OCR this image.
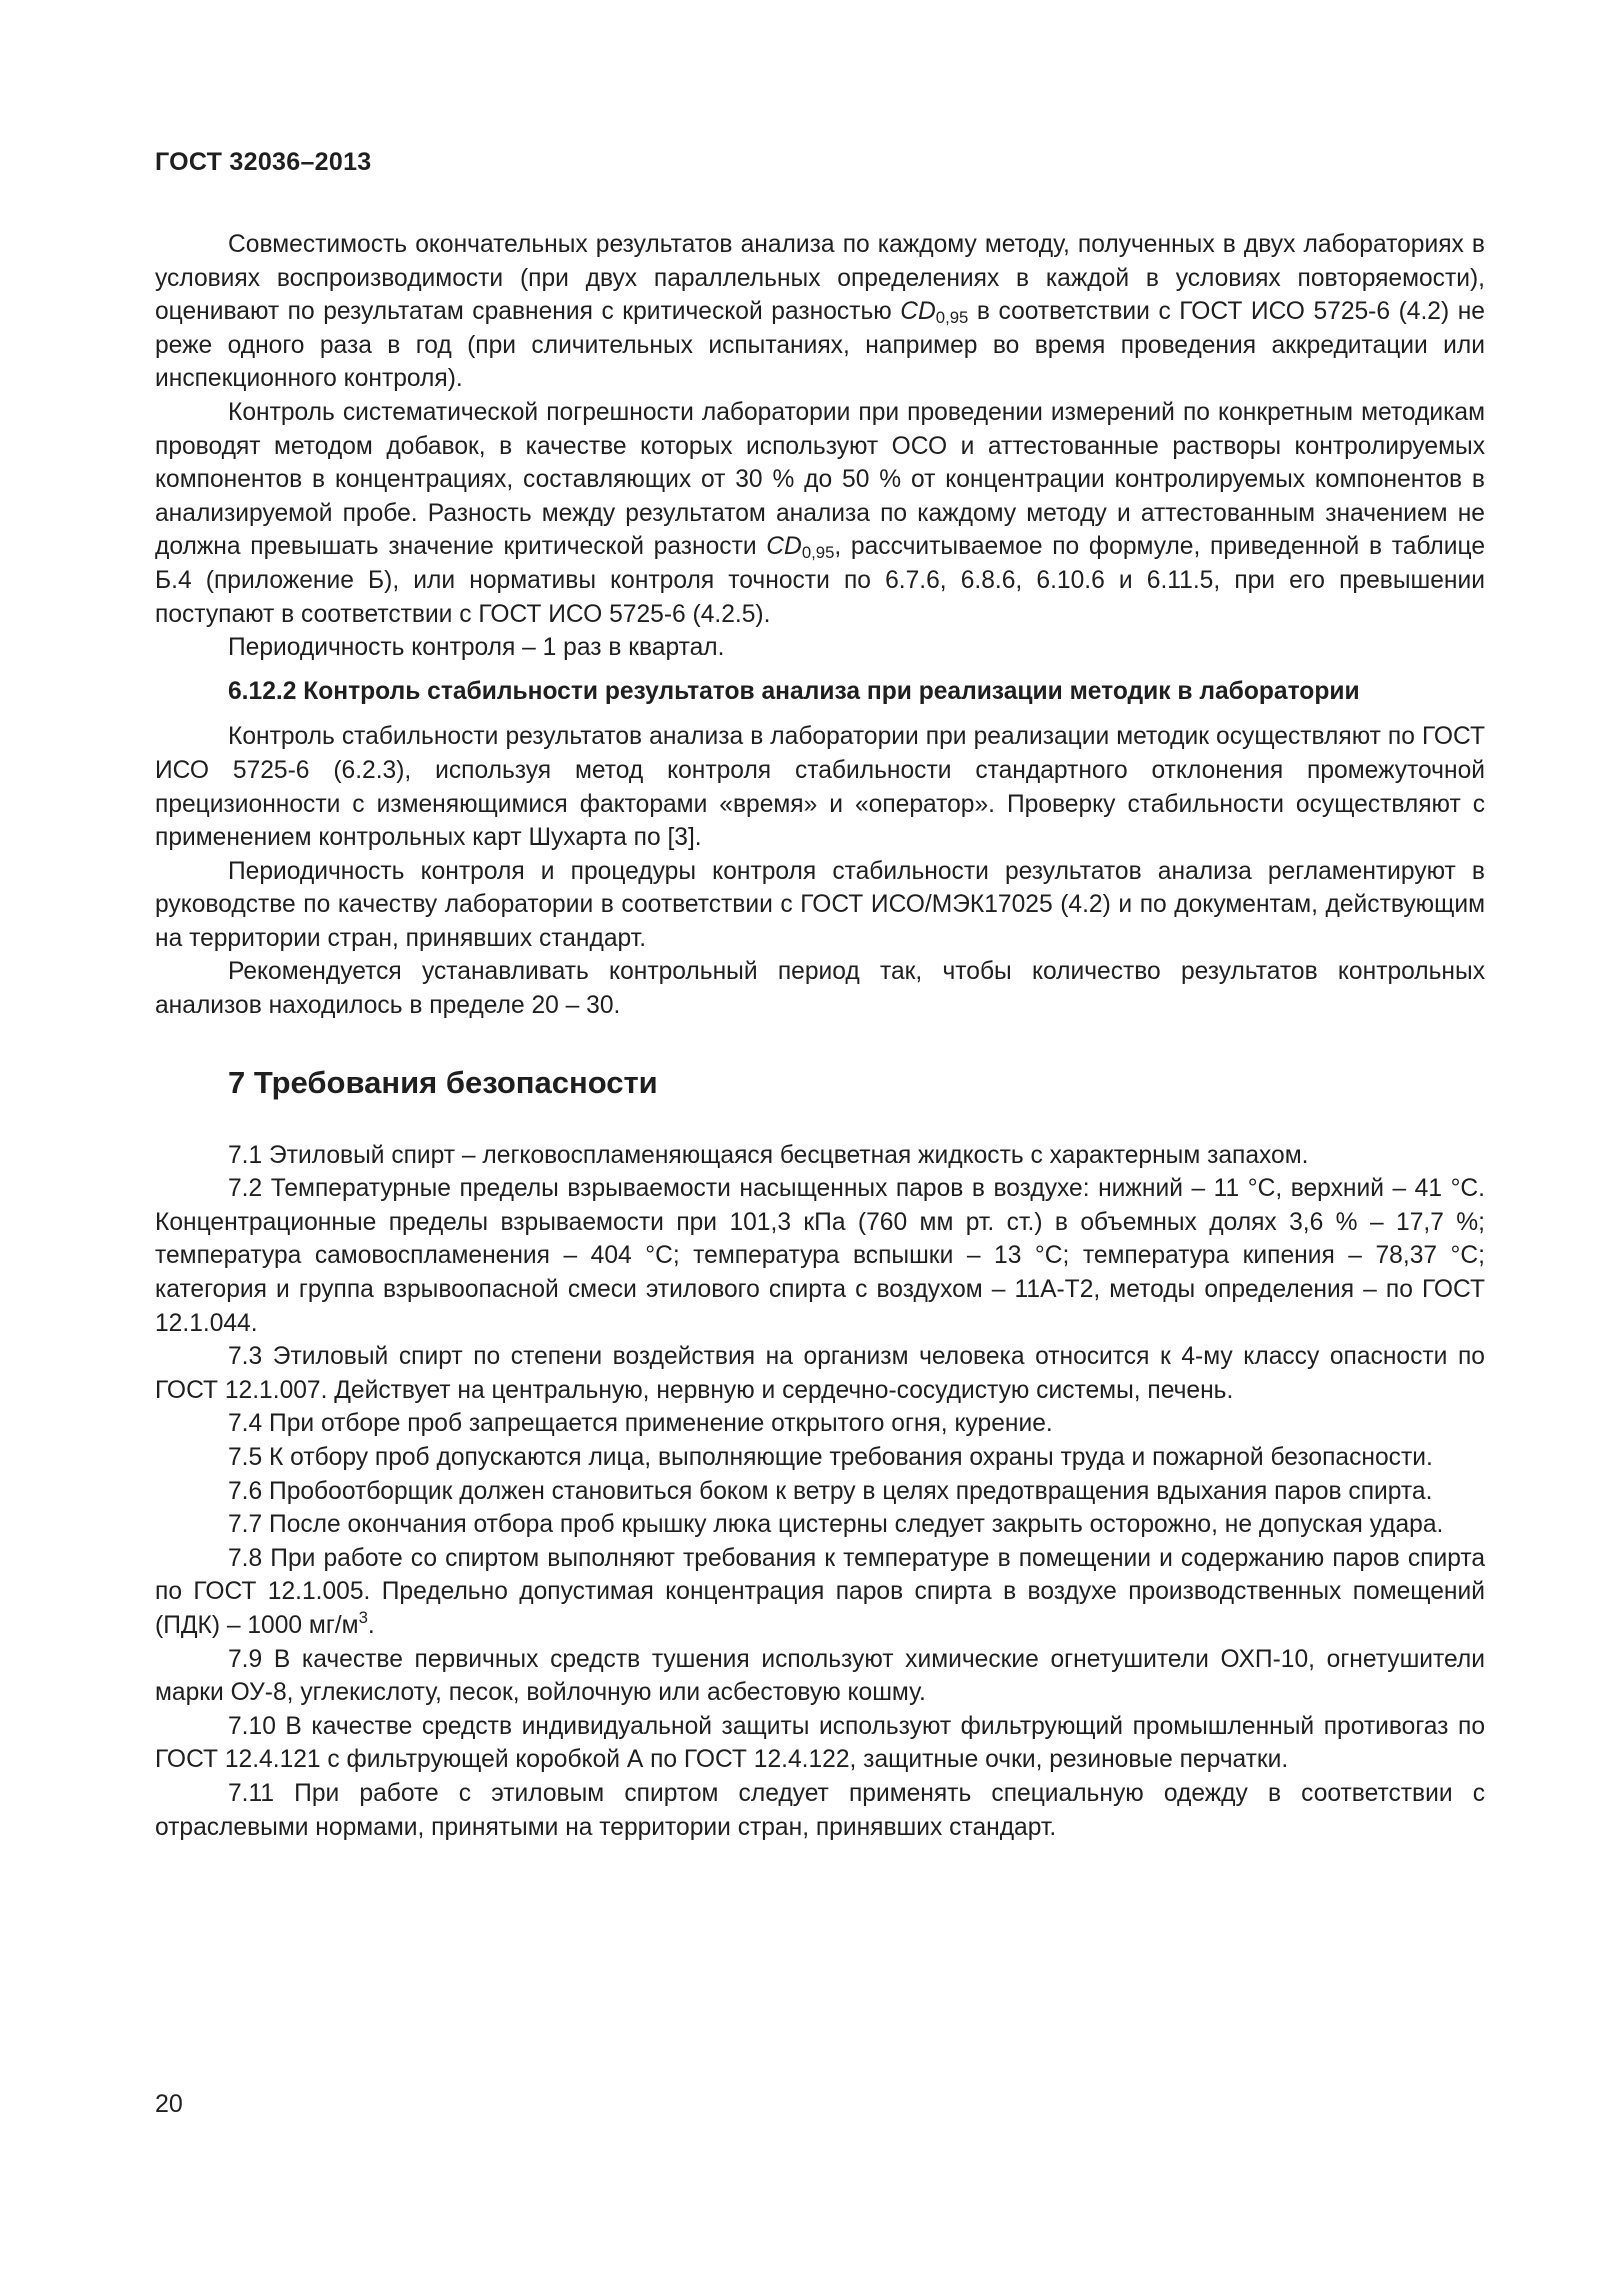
ГОСТ 32036–2013

Совместимость окончательных результатов анализа по каждому методу, полученных в двух лабораториях в условиях воспроизводимости (при двух параллельных определениях в каждой в условиях повторяемости), оценивают по результатам сравнения с критической разностью $CD_{0,95}$ в соответствии с ГОСТ ИСО 5725-6 (4.2) не реже одного раза в год (при сличительных испытаниях, например во время проведения аккредитации или инспекционного контроля).

Контроль систематической погрешности лаборатории при проведении измерений по конкретным методикам проводят методом добавок, в качестве которых используют ОСО и аттестованные растворы контролируемых компонентов в концентрациях, составляющих от 30 % до 50 % от концентрации контролируемых компонентов в анализируемой пробе. Разность между результатом анализа по каждому методу и аттестованным значением не должна превышать значение критической разности $CD_{0,95}$, рассчитываемое по формуле, приведенной в таблице Б.4 (приложение Б), или нормативы контроля точности по 6.7.6, 6.8.6, 6.10.6 и 6.11.5, при его превышении поступают в соответствии с ГОСТ ИСО 5725-6 (4.2.5).

Периодичность контроля – 1 раз в квартал.

6.12.2 Контроль стабильности результатов анализа при реализации методик в лаборатории

Контроль стабильности результатов анализа в лаборатории при реализации методик осуществляют по ГОСТ ИСО 5725-6 (6.2.3), используя метод контроля стабильности стандартного отклонения промежуточной прецизионности с изменяющимися факторами «время» и «оператор». Проверку стабильности осуществляют с применением контрольных карт Шухарта по [3].

Периодичность контроля и процедуры контроля стабильности результатов анализа регламентируют в руководстве по качеству лаборатории в соответствии с ГОСТ ИСО/МЭК17025 (4.2) и по документам, действующим на территории стран, принявших стандарт.

Рекомендуется устанавливать контрольный период так, чтобы количество результатов контрольных анализов находилось в пределе 20 – 30.

7 Требования безопасности

7.1 Этиловый спирт – легковоспламеняющаяся бесцветная жидкость с характерным запахом.

7.2 Температурные пределы взрываемости насыщенных паров в воздухе: нижний – 11 °С, верхний – 41 °С. Концентрационные пределы взрываемости при 101,3 кПа (760 мм рт. ст.) в объемных долях 3,6 % – 17,7 %; температура самовоспламенения – 404 °С; температура вспышки – 13 °С; температура кипения – 78,37 °С; категория и группа взрывоопасной смеси этилового спирта с воздухом – 11А-Т2, методы определения – по ГОСТ 12.1.044.

7.3 Этиловый спирт по степени воздействия на организм человека относится к 4-му классу опасности по ГОСТ 12.1.007. Действует на центральную, нервную и сердечно-сосудистую системы, печень.

7.4 При отборе проб запрещается применение открытого огня, курение.

7.5 К отбору проб допускаются лица, выполняющие требования охраны труда и пожарной безопасности.

7.6 Пробоотборщик должен становиться боком к ветру в целях предотвращения вдыхания паров спирта.

7.7 После окончания отбора проб крышку люка цистерны следует закрыть осторожно, не допуская удара.

7.8 При работе со спиртом выполняют требования к температуре в помещении и содержанию паров спирта по ГОСТ 12.1.005. Предельно допустимая концентрация паров спирта в воздухе производственных помещений (ПДК) – 1000 $мг/м^3$.

7.9 В качестве первичных средств тушения используют химические огнетушители ОХП-10, огнетушители марки ОУ-8, углекислоту, песок, войлочную или асбестовую кошму.

7.10 В качестве средств индивидуальной защиты используют фильтрующий промышленный противогаз по ГОСТ 12.4.121 с фильтрующей коробкой А по ГОСТ 12.4.122, защитные очки, резиновые перчатки.

7.11 При работе с этиловым спиртом следует применять специальную одежду в соответствии с отраслевыми нормами, принятыми на территории стран, принявших стандарт.

20
